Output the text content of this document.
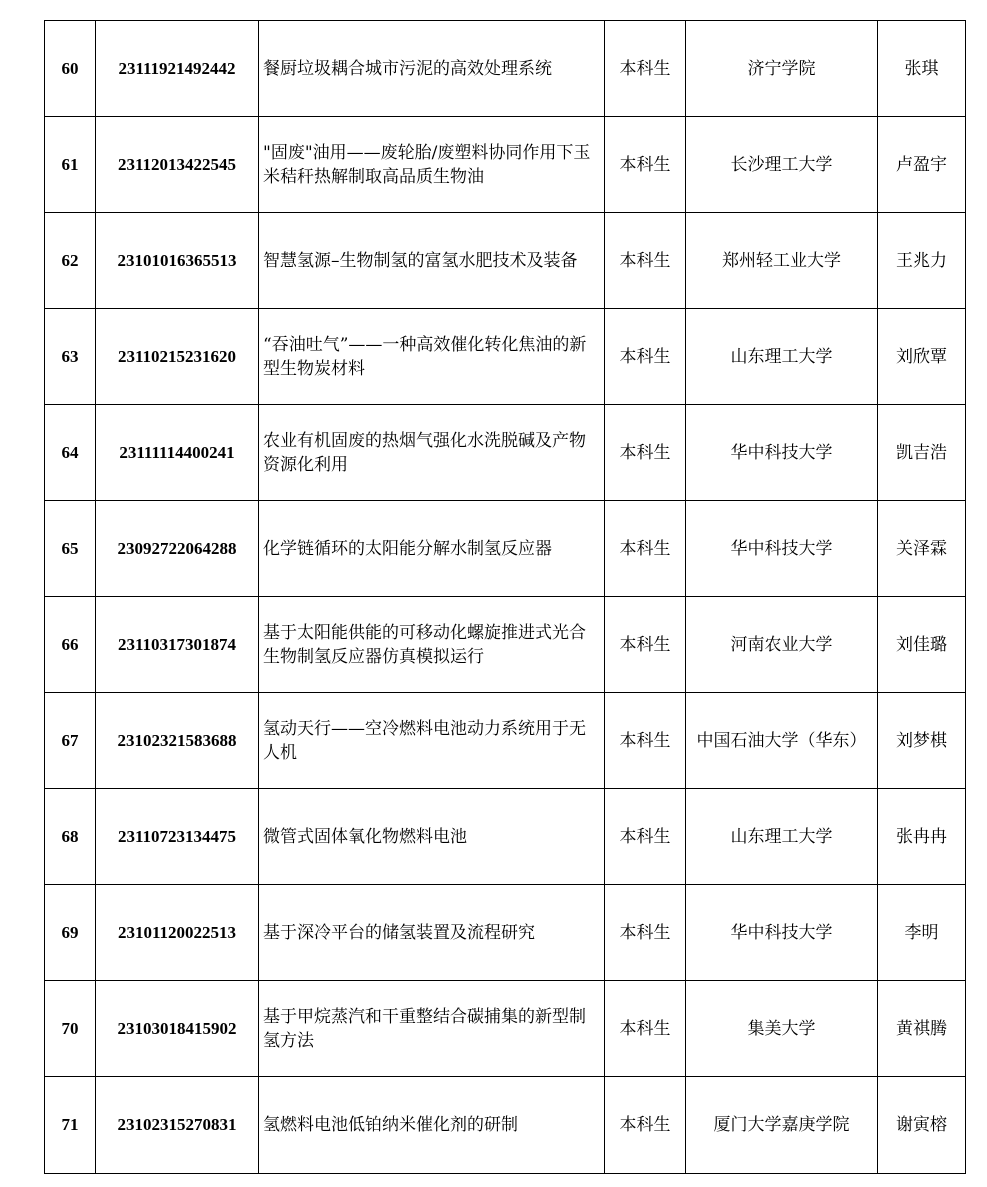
60	23111921492442	餐厨垃圾耦合城市污泥的高效处理系统	本科生	济宁学院	张琪
61	23112013422545	"固废"油用——废轮胎/废塑料协同作用下玉米秸秆热解制取高品质生物油	本科生	长沙理工大学	卢盈宇
62	23101016365513	智慧氢源–生物制氢的富氢水肥技术及装备	本科生	郑州轻工业大学	王兆力
63	23110215231620	“吞油吐气”——一种高效催化转化焦油的新型生物炭材料	本科生	山东理工大学	刘欣覃
64	23111114400241	农业有机固废的热烟气强化水洗脱碱及产物资源化利用	本科生	华中科技大学	凯吉浩
65	23092722064288	化学链循环的太阳能分解水制氢反应器	本科生	华中科技大学	关泽霖
66	23110317301874	基于太阳能供能的可移动化螺旋推进式光合生物制氢反应器仿真模拟运行	本科生	河南农业大学	刘佳璐
67	23102321583688	氢动天行——空冷燃料电池动力系统用于无人机	本科生	中国石油大学（华东）	刘梦棋
68	23110723134475	微管式固体氧化物燃料电池	本科生	山东理工大学	张冉冉
69	23101120022513	基于深冷平台的储氢装置及流程研究	本科生	华中科技大学	李明
70	23103018415902	基于甲烷蒸汽和干重整结合碳捕集的新型制氢方法	本科生	集美大学	黄祺腾
71	23102315270831	氢燃料电池低铂纳米催化剂的研制	本科生	厦门大学嘉庚学院	谢寅榕
